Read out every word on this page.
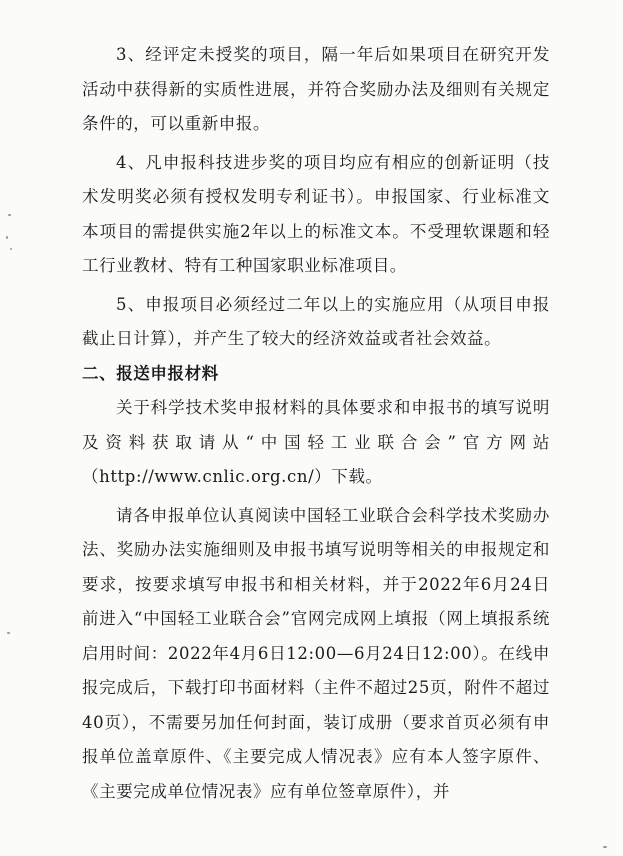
3、经评定未授奖的项目，隔一年后如果项目在研究开发活动中获得新的实质性进展，并符合奖励办法及细则有关规定条件的，可以重新申报。

4、凡申报科技进步奖的项目均应有相应的创新证明（技术发明奖必须有授权发明专利证书）。申报国家、行业标准文本项目的需提供实施2年以上的标准文本。不受理软课题和轻工行业教材、特有工种国家职业标准项目。

5、申报项目必须经过二年以上的实施应用（从项目申报截止日计算），并产生了较大的经济效益或者社会效益。

二、报送申报材料

关于科学技术奖申报材料的具体要求和申报书的填写说明及资料获取请从“中国轻工业联合会”官方网站（http://www.cnlic.org.cn/）下载。

请各申报单位认真阅读中国轻工业联合会科学技术奖励办法、奖励办法实施细则及申报书填写说明等相关的申报规定和要求，按要求填写申报书和相关材料，并于2022年6月24日前进入“中国轻工业联合会”官网完成网上填报（网上填报系统启用时间：2022年4月6日12:00—6月24日12:00）。在线申报完成后，下载打印书面材料（主件不超过25页，附件不超过40页），不需要另加任何封面，装订成册（要求首页必须有申报单位盖章原件、《主要完成人情况表》应有本人签字原件、《主要完成单位情况表》应有单位签章原件），并
